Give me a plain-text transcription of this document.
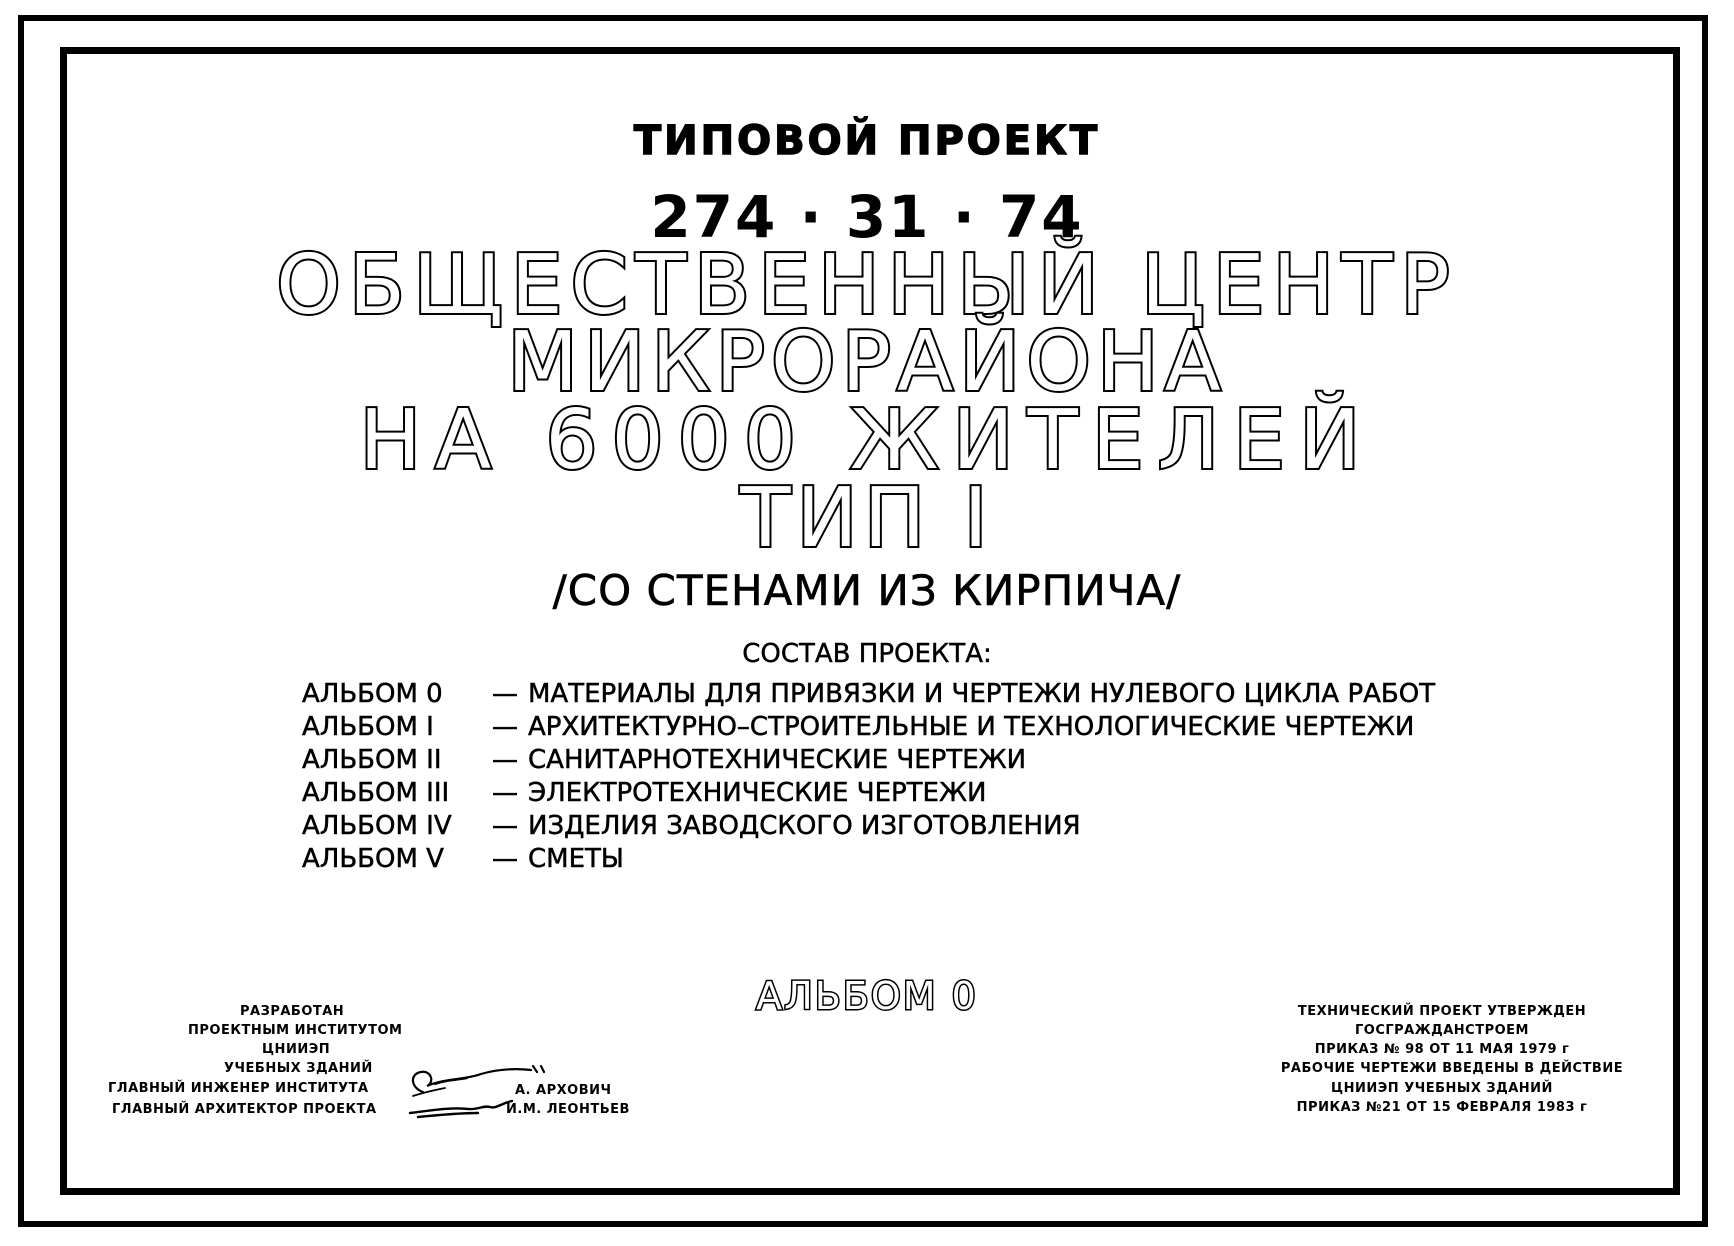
ТИПОВОЙ ПРОЕКТ
274 · 31 · 74
ОБЩЕСТВЕННЫЙ ЦЕНТР
МИКРОРАЙОНА
НА 6000 ЖИТЕЛЕЙ
ТИП I
/СО СТЕНАМИ ИЗ КИРПИЧА/
СОСТАВ ПРОЕКТА:
АЛЬБОМ 0 — МАТЕРИАЛЫ ДЛЯ ПРИВЯЗКИ И ЧЕРТЕЖИ НУЛЕВОГО ЦИКЛА РАБОТ
АЛЬБОМ I — АРХИТЕКТУРНО–СТРОИТЕЛЬНЫЕ И ТЕХНОЛОГИЧЕСКИЕ ЧЕРТЕЖИ
АЛЬБОМ II — САНИТАРНОТЕХНИЧЕСКИЕ ЧЕРТЕЖИ
АЛЬБОМ III — ЭЛЕКТРОТЕХНИЧЕСКИЕ ЧЕРТЕЖИ
АЛЬБОМ IV — ИЗДЕЛИЯ ЗАВОДСКОГО ИЗГОТОВЛЕНИЯ
АЛЬБОМ V — СМЕТЫ
АЛЬБОМ 0
РАЗРАБОТАН
ПРОЕКТНЫМ ИНСТИТУТОМ
ЦНИИЭП
УЧЕБНЫХ ЗДАНИЙ
ГЛАВНЫЙ ИНЖЕНЕР ИНСТИТУТА	А. АРХОВИЧ
ГЛАВНЫЙ АРХИТЕКТОР ПРОЕКТА	И.М. ЛЕОНТЬЕВ
ТЕХНИЧЕСКИЙ ПРОЕКТ УТВЕРЖДЕН
ГОСГРАЖДАНСТРОЕМ
ПРИКАЗ № 98 ОТ 11 МАЯ 1979 г
РАБОЧИЕ ЧЕРТЕЖИ ВВЕДЕНЫ В ДЕЙСТВИЕ
ЦНИИЭП УЧЕБНЫХ ЗДАНИЙ
ПРИКАЗ №21 ОТ 15 ФЕВРАЛЯ 1983 г
